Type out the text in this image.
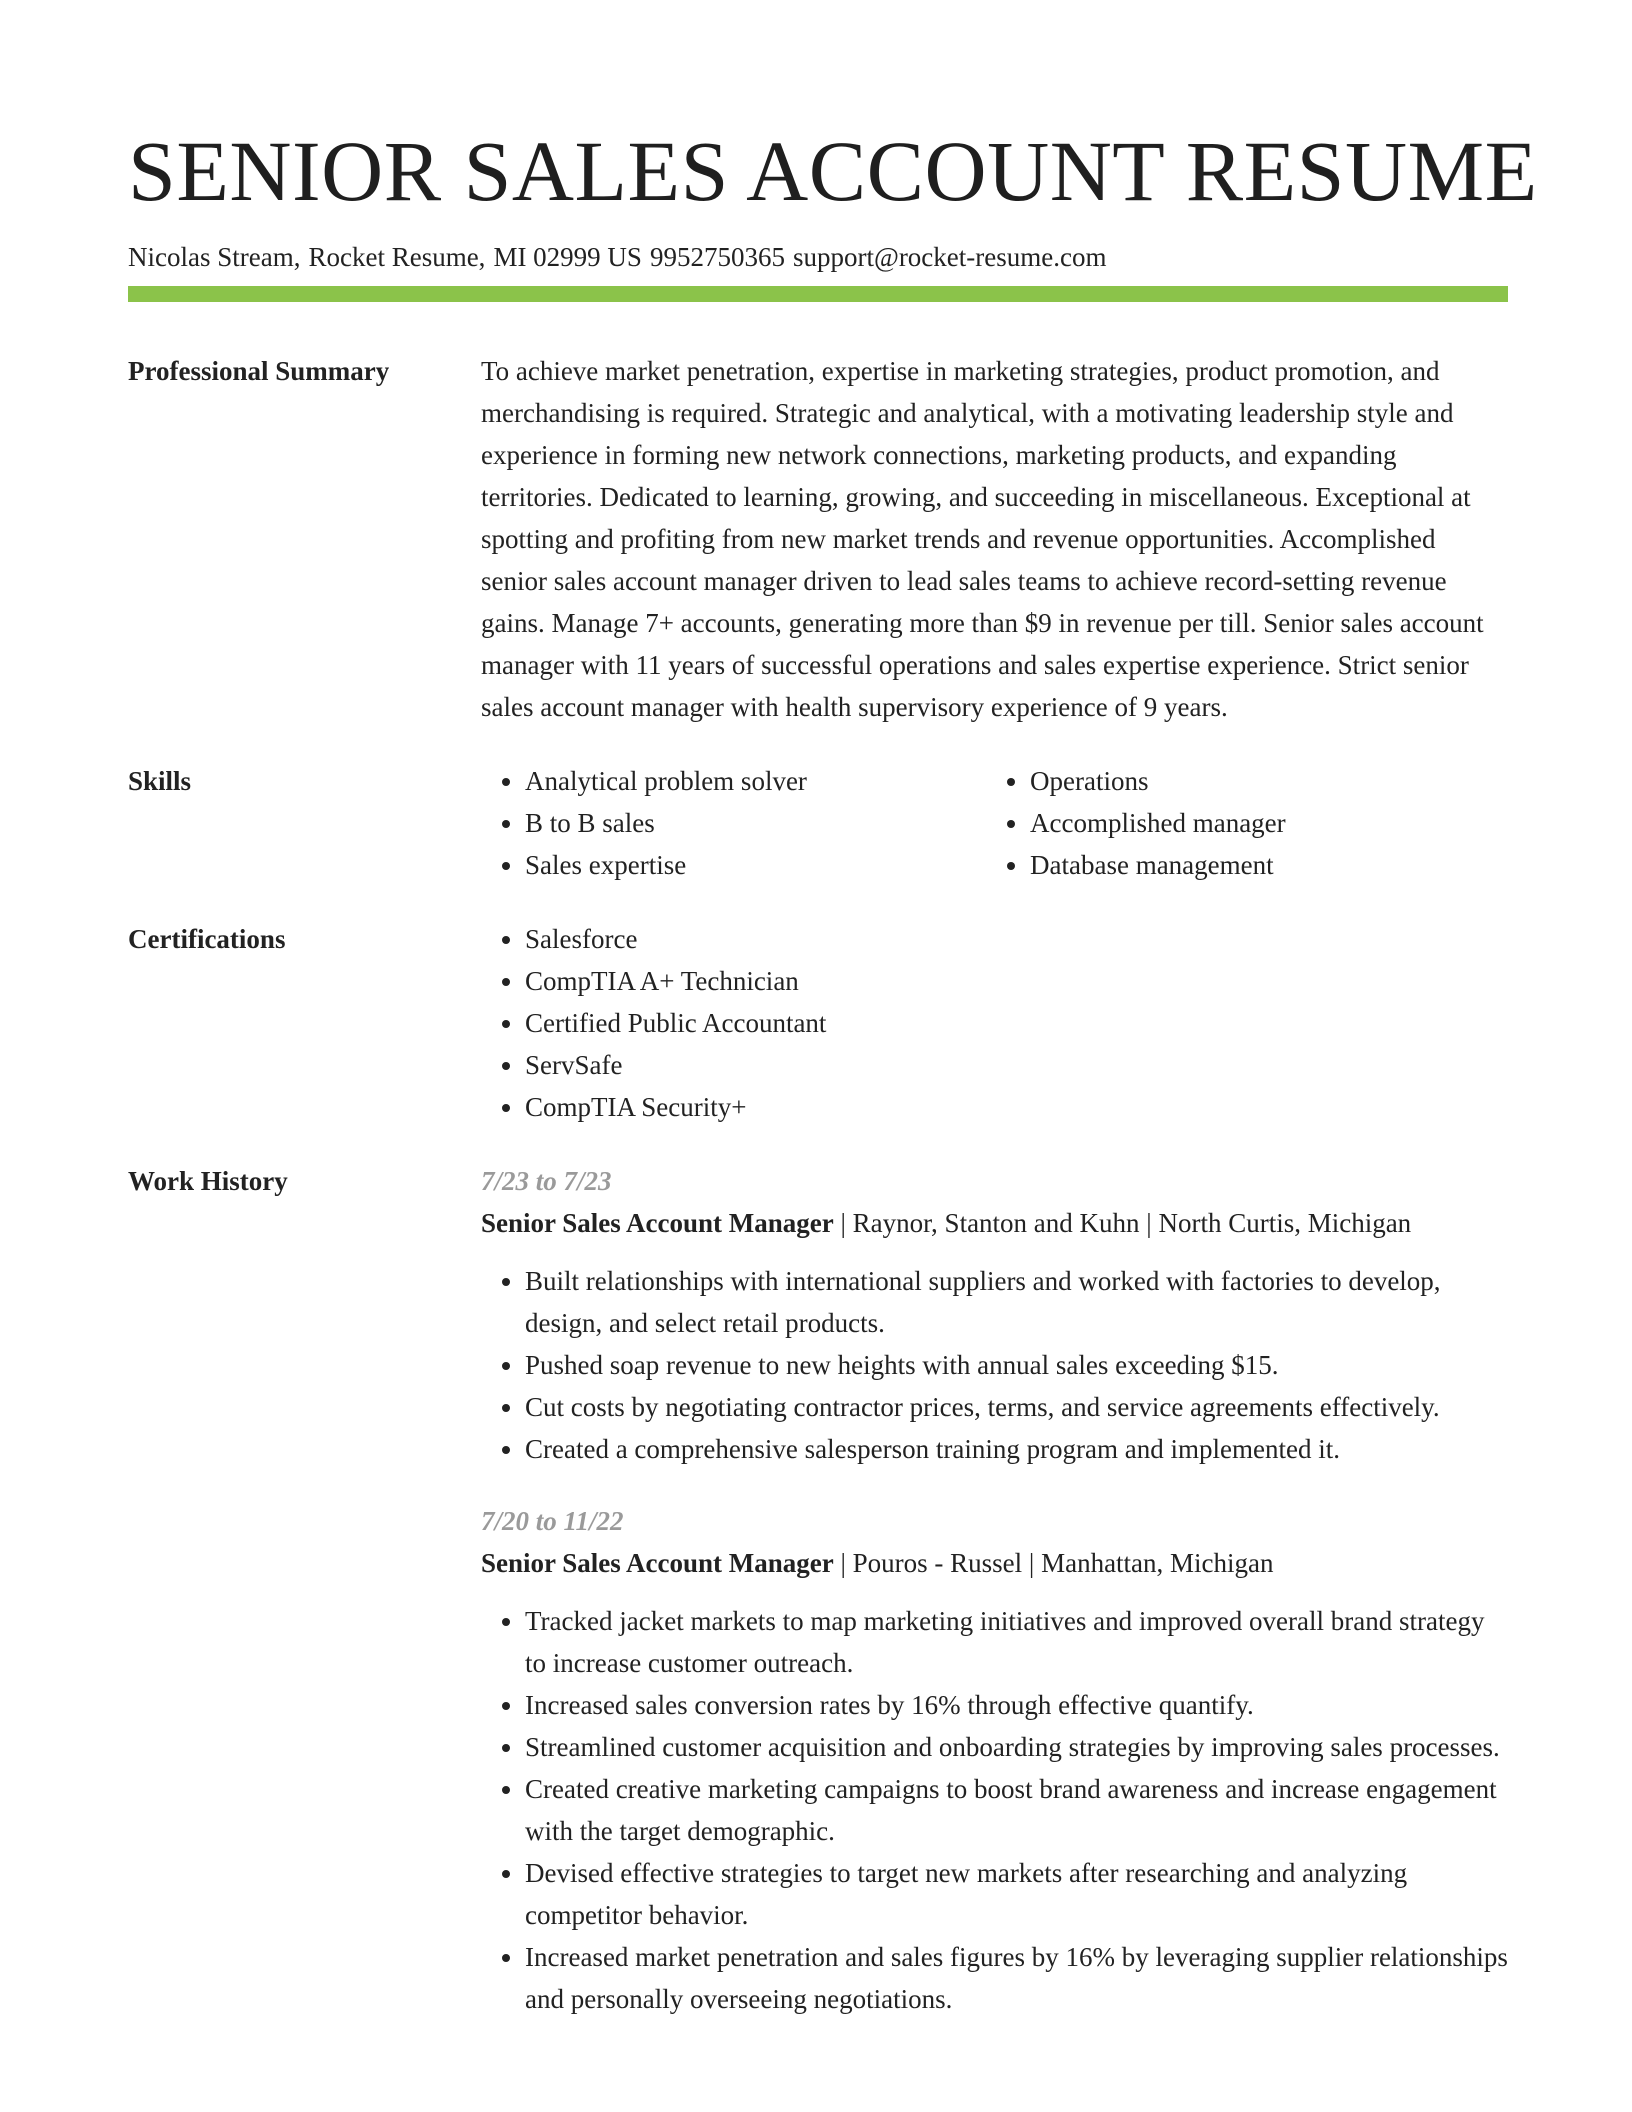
SENIOR SALES ACCOUNT RESUME
Nicolas Stream, Rocket Resume, MI 02999 US 9952750365 support@rocket-resume.com
Professional Summary	To achieve market penetration, expertise in marketing strategies, product promotion, and merchandising is required. Strategic and analytical, with a motivating leadership style and experience in forming new network connections, marketing products, and expanding territories. Dedicated to learning, growing, and succeeding in miscellaneous. Exceptional at spotting and profiting from new market trends and revenue opportunities. Accomplished senior sales account manager driven to lead sales teams to achieve record-setting revenue gains. Manage 7+ accounts, generating more than $9 in revenue per till. Senior sales account manager with 11 years of successful operations and sales expertise experience. Strict senior sales account manager with health supervisory experience of 9 years.

Skills	• Analytical problem solver
• B to B sales
• Sales expertise
• Operations
• Accomplished manager
• Database management
Certifications	• Salesforce
• CompTIA A+ Technician
• Certified Public Accountant
• ServSafe
• CompTIA Security+
Work History	7/23 to 7/23
Senior Sales Account Manager | Raynor, Stanton and Kuhn | North Curtis, Michigan
• Built relationships with international suppliers and worked with factories to develop, design, and select retail products.
• Pushed soap revenue to new heights with annual sales exceeding $15.
• Cut costs by negotiating contractor prices, terms, and service agreements effectively.
• Created a comprehensive salesperson training program and implemented it.
7/20 to 11/22
Senior Sales Account Manager | Pouros - Russel | Manhattan, Michigan
• Tracked jacket markets to map marketing initiatives and improved overall brand strategy to increase customer outreach.
• Increased sales conversion rates by 16% through effective quantify.
• Streamlined customer acquisition and onboarding strategies by improving sales processes.
• Created creative marketing campaigns to boost brand awareness and increase engagement with the target demographic.
• Devised effective strategies to target new markets after researching and analyzing competitor behavior.
• Increased market penetration and sales figures by 16% by leveraging supplier relationships and personally overseeing negotiations.
